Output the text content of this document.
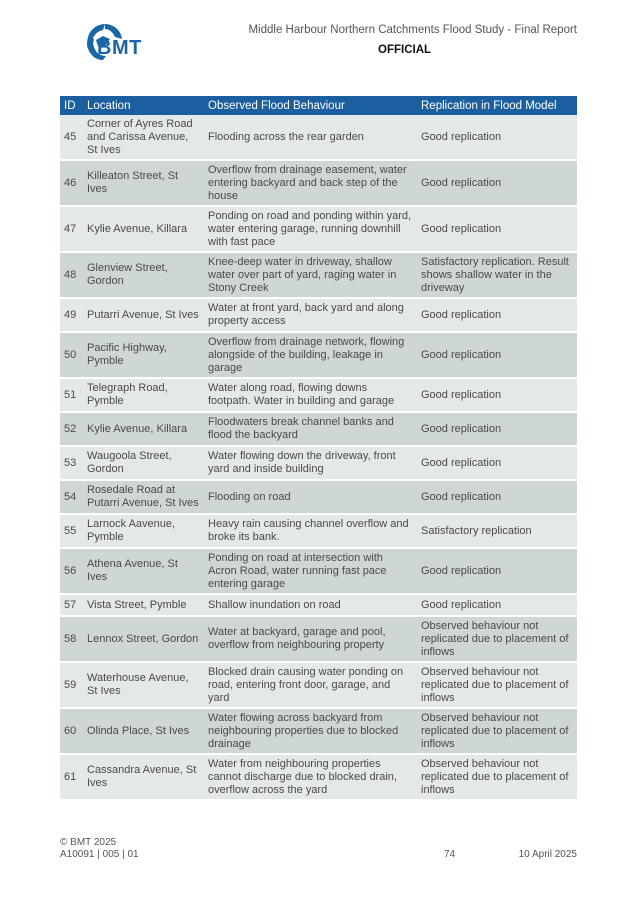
BMT
Middle Harbour Northern Catchments Flood Study - Final Report
OFFICIAL
ID	Location	Observed Flood Behaviour	Replication in Flood Model
45	Corner of Ayres Road and Carissa Avenue, St Ives	Flooding across the rear garden	Good replication
46	Killeaton Street, St Ives	Overflow from drainage easement, water entering backyard and back step of the house	Good replication
47	Kylie Avenue, Killara	Ponding on road and ponding within yard, water entering garage, running downhill with fast pace	Good replication
48	Glenview Street, Gordon	Knee-deep water in driveway, shallow water over part of yard, raging water in Stony Creek	Satisfactory replication. Result shows shallow water in the driveway
49	Putarri Avenue, St Ives	Water at front yard, back yard and along property access	Good replication
50	Pacific Highway, Pymble	Overflow from drainage network, flowing alongside of the building, leakage in garage	Good replication
51	Telegraph Road, Pymble	Water along road, flowing downs footpath. Water in building and garage	Good replication
52	Kylie Avenue, Killara	Floodwaters break channel banks and flood the backyard	Good replication
53	Waugoola Street, Gordon	Water flowing down the driveway, front yard and inside building	Good replication
54	Rosedale Road at Putarri Avenue, St Ives	Flooding on road	Good replication
55	Larnock Aavenue, Pymble	Heavy rain causing channel overflow and broke its bank.	Satisfactory replication
56	Athena Avenue, St Ives	Ponding on road at intersection with Acron Road, water running fast pace entering garage	Good replication
57	Vista Street, Pymble	Shallow inundation on road	Good replication
58	Lennox Street, Gordon	Water at backyard, garage and pool, overflow from neighbouring property	Observed behaviour not replicated due to placement of inflows
59	Waterhouse Avenue, St Ives	Blocked drain causing water ponding on road, entering front door, garage, and yard	Observed behaviour not replicated due to placement of inflows
60	Olinda Place, St Ives	Water flowing across backyard from neighbouring properties due to blocked drainage	Observed behaviour not replicated due to placement of inflows
61	Cassandra Avenue, St Ives	Water from neighbouring properties cannot discharge due to blocked drain, overflow across the yard	Observed behaviour not replicated due to placement of inflows
© BMT 2025
A10091 | 005 | 01	74	10 April 2025
